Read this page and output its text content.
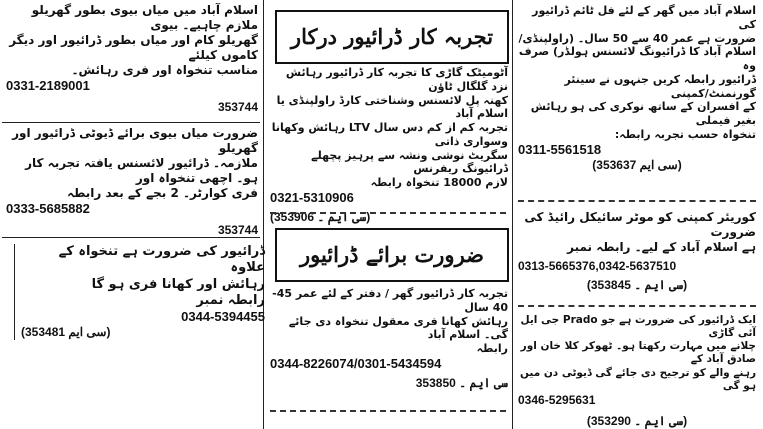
اسلام آباد میں میاں بیوی بطور گھریلو ملازم چاہیے۔ بیوی

گھریلو کام اور میاں بطور ڈرائیور اور دیگر کاموں کیلئے

مناسب تنخواہ اور فری رہائش۔

0331-2189001

353744

ضرورت میاں بیوی برائے ڈیوٹی ڈرائیور اور گھریلو

ملازمہ۔ ڈرائیور لائسنس یافتہ تجربہ کار ہو۔ اچھی تنخواہ اور

فری کوارٹر۔ 2 بجے کے بعد رابطہ

0333-5685882

353744

ڈرائیور کی ضرورت ہے تنخواہ کے علاوہ

رہائش اور کھانا فری ہو گا

رابطہ نمبر

0344-5394455

(سی ایم 353481)

تجربہ کار ڈرائیور درکار

آٹومیٹک گاڑی کا تجربہ کار ڈرائیور رہائش نزد گلگال ٹاؤن

کھنہ پل لائسنس وشناختی کارڈ راولپنڈی یا اسلام آباد

تجربہ کم از کم دس سال LTV رہائش وکھانا وسواری ذاتی

سگریٹ نوشی ونشہ سے پرہیز پچھلے ڈرائیونگ ریفرنس

لازم 18000 تنخواہ رابطہ

0321-5310906

(سی ایم ۔ 353906)

ضرورت برائے ڈرائیور

تجربہ کار ڈرائیور گھر / دفتر کے لئے عمر 45-40 سال

رہائش کھانا فری معقول تنخواہ دی جائے گی۔ اسلام آباد

رابطہ

0344-8226074/0301-5434594

سی ایم ۔ 353850

اسلام آباد میں گھر کے لئے فل ٹائم ڈرائیور کی

ضرورت ہے عمر 40 سے 50 سال۔ (راولپنڈی/

اسلام آباد کا ڈرائیونگ لائسنس ہولڈر) صرف وہ

ڈرائیور رابطہ کریں جنہوں نے سینئر گورنمنٹ/کمپنی

کے افسران کے ساتھ نوکری کی ہو رہائش بغیر فیملی

تنخواہ حسب تجربہ رابطہ:

0311-5561518

(سی ایم 353637)

کوریئر کمپنی کو موٹر سائیکل رائیڈ کی ضرورت

ہے اسلام آباد کے لیے۔ رابطہ نمبر

0313-5665376,0342-5637510

(سی ایم ۔ 353845)

ایک ڈرائیور کی ضرورت ہے جو Prado جی ایل آئی گاڑی

چلانے میں مہارت رکھتا ہو۔ ٹھوکر کلا خان اور صادق آباد کے

رہنے والے کو ترجیح دی جائے گی ڈیوٹی دن میں ہو گی

0346-5295631

(سی ایم ۔ 353290)
